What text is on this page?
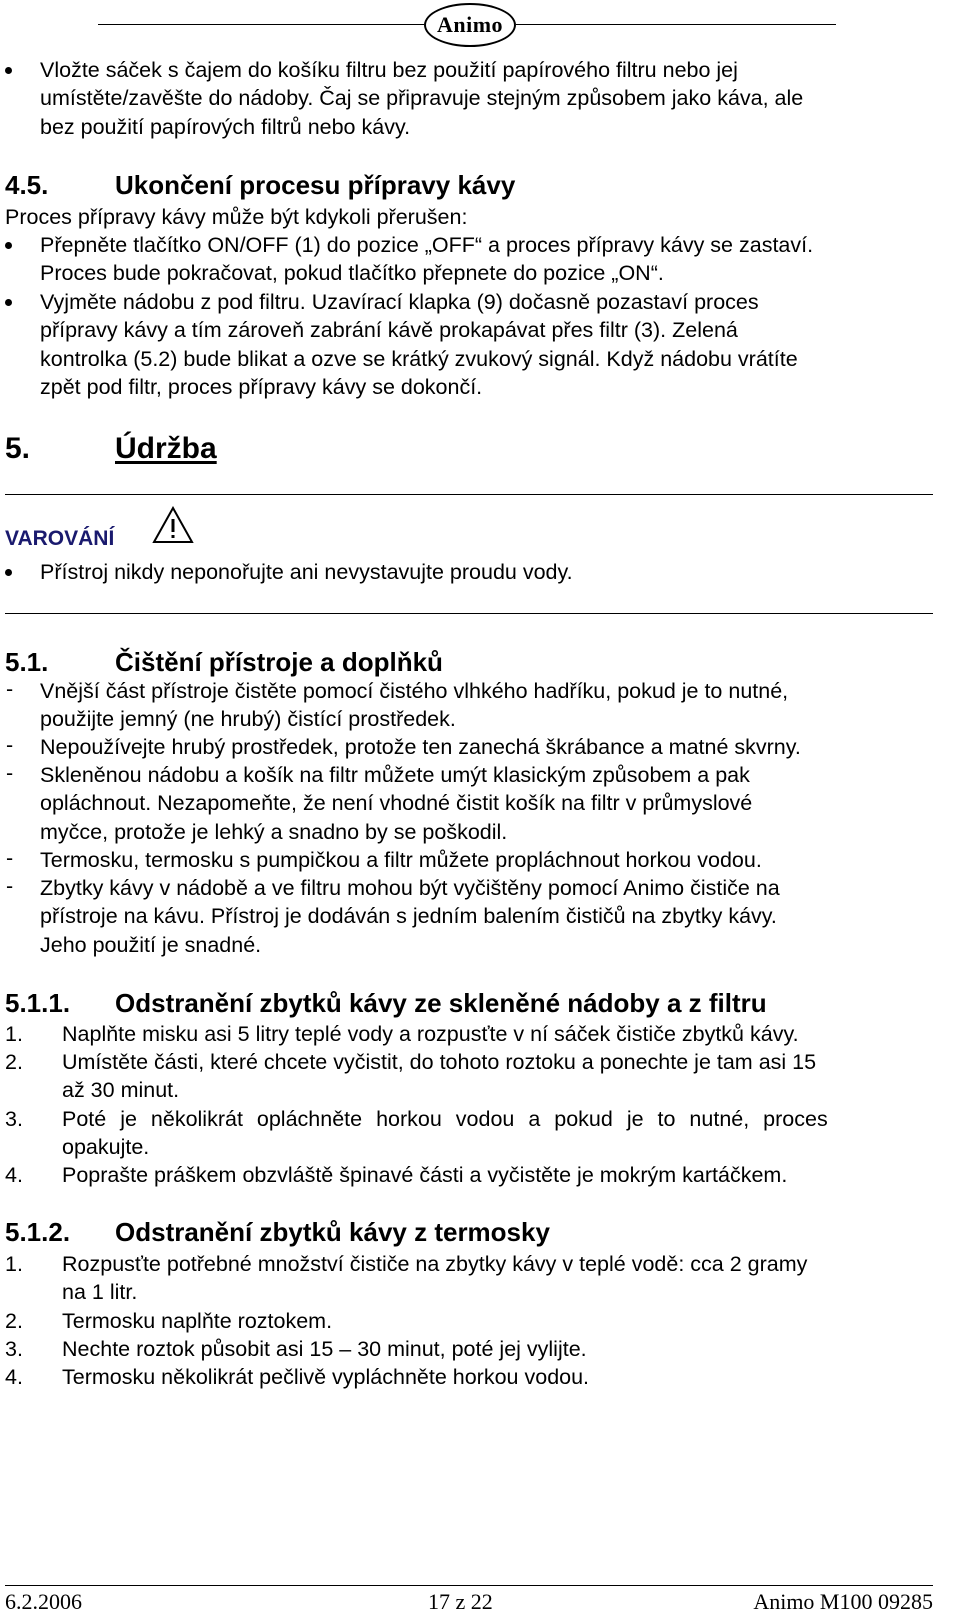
Animo
Vložte sáček s čajem do košíku filtru bez použití papírového filtru nebo jej
umístěte/zavěšte do nádoby. Čaj se připravuje stejným způsobem jako káva, ale
bez použití papírových filtrů nebo kávy.
4.5.	Ukončení procesu přípravy kávy
Proces přípravy kávy může být kdykoli přerušen:
Přepněte tlačítko ON/OFF (1) do pozice „OFF“ a proces přípravy kávy se zastaví.
Proces bude pokračovat, pokud tlačítko přepnete do pozice „ON“.
Vyjměte nádobu z pod filtru. Uzavírací klapka (9) dočasně pozastaví proces
přípravy kávy a tím zároveň zabrání kávě prokapávat přes filtr (3). Zelená
kontrolka (5.2) bude blikat a ozve se krátký zvukový signál. Když nádobu vrátíte
zpět pod filtr, proces přípravy kávy se dokončí.
5.	Údržba
VAROVÁNÍ
Přístroj nikdy neponořujte ani nevystavujte proudu vody.
5.1.	Čištění přístroje a doplňků
- Vnější část přístroje čistěte pomocí čistého vlhkého hadříku, pokud je to nutné,
použijte jemný (ne hrubý) čistící prostředek.
- Nepoužívejte hrubý prostředek, protože ten zanechá škrábance a matné skvrny.
- Skleněnou nádobu a košík na filtr můžete umýt klasickým způsobem a pak
opláchnout. Nezapomeňte, že není vhodné čistit košík na filtr v průmyslové
myčce, protože je lehký a snadno by se poškodil.
- Termosku, termosku s pumpičkou a filtr můžete propláchnout horkou vodou.
- Zbytky kávy v nádobě a ve filtru mohou být vyčištěny pomocí Animo čističe na
přístroje na kávu. Přístroj je dodáván s jedním balením čističů na zbytky kávy.
Jeho použití je snadné.
5.1.1. Odstranění zbytků kávy ze skleněné nádoby a z filtru
1. Naplňte misku asi 5 litry teplé vody a rozpusťte v ní sáček čističe zbytků kávy.
2. Umístěte části, které chcete vyčistit, do tohoto roztoku a ponechte je tam asi 15
až 30 minut.
3. Poté je několikrát opláchněte horkou vodou a pokud je to nutné, proces
opakujte.
4. Poprašte práškem obzvláště špinavé části a vyčistěte je mokrým kartáčkem.
5.1.2. Odstranění zbytků kávy z termosky
1. Rozpusťte potřebné množství čističe na zbytky kávy v teplé vodě: cca 2 gramy
na 1 litr.
2. Termosku naplňte roztokem.
3. Nechte roztok působit asi 15 – 30 minut, poté jej vylijte.
4. Termosku několikrát pečlivě vypláchněte horkou vodou.
6.2.2006	17 z 22	Animo M100 09285
